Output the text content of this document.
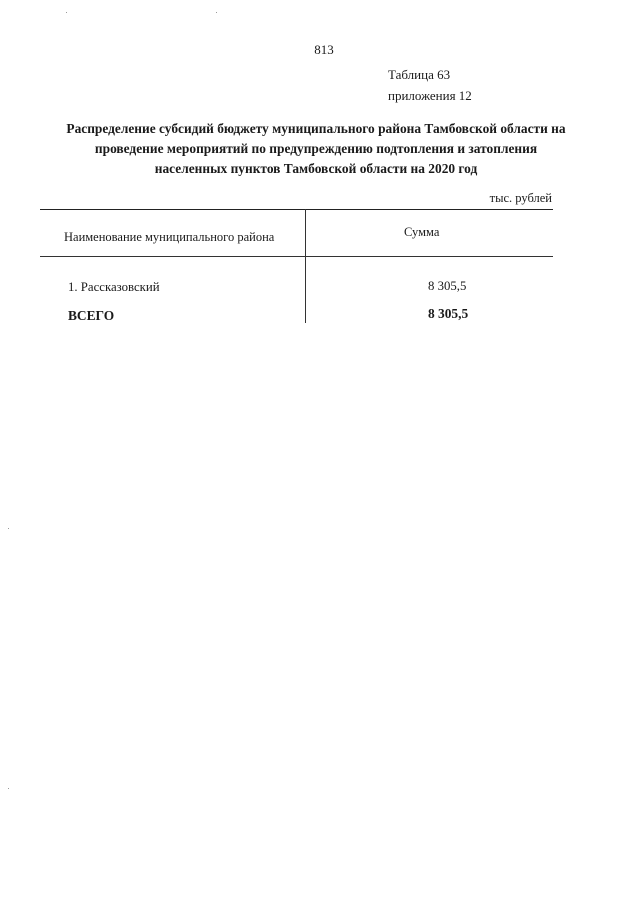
813
Таблица 63
приложения 12
Распределение субсидий бюджету муниципального района Тамбовской области на
проведение мероприятий по предупреждению подтопления и затопления
населенных пунктов Тамбовской области на 2020 год
тыс. рублей
Наименование муниципального района	Сумма
1. Рассказовский	8 305,5
ВСЕГО	8 305,5
